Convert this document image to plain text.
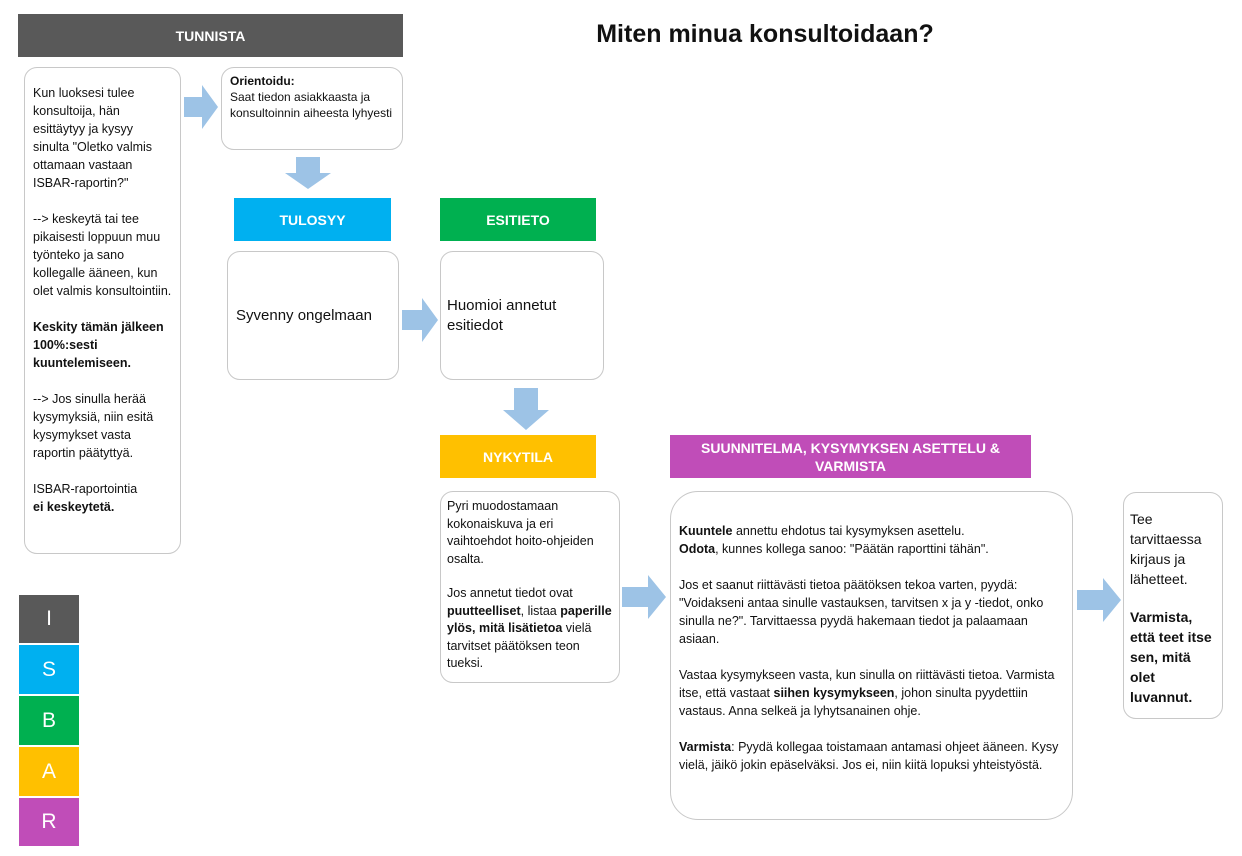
Miten minua konsultoidaan?
TUNNISTA

Kun luoksesi tulee konsultoija, hän esittäytyy ja kysyy sinulta "Oletko valmis ottamaan vastaan ISBAR-raportin?"

--> keskeytä tai tee pikaisesti loppuun muu työnteko ja sano kollegalle ääneen, kun olet valmis konsultointiin.

Keskity tämän jälkeen 100%:sesti kuuntelemiseen.

--> Jos sinulla herää kysymyksiä, niin esitä kysymykset vasta raportin päätyttyä.

ISBAR-raportointia
ei keskeytetä.

Orientoidu:
Saat tiedon asiakkaasta ja konsultoinnin aiheesta lyhyesti
TULOSYY	ESITIETO
Syvenny ongelmaan
Huomioi annetut esitiedot
NYKYTILA
SUUNNITELMA, KYSYMYKSEN ASETTELU & VARMISTA

Pyri muodostamaan kokonaiskuva ja eri vaihtoehdot hoito-ohjeiden osalta.

Jos annetut tiedot ovat puutteelliset, listaa paperille ylös, mitä lisätietoa vielä tarvitset päätöksen teon tueksi.

Kuuntele annettu ehdotus tai kysymyksen asettelu.
Odota, kunnes kollega sanoo: "Päätän raporttini tähän".

Jos et saanut riittävästi tietoa päätöksen tekoa varten, pyydä: "Voidakseni antaa sinulle vastauksen, tarvitsen x ja y -tiedot, onko sinulla ne?". Tarvittaessa pyydä hakemaan tiedot ja palaamaan asiaan.

Vastaa kysymykseen vasta, kun sinulla on riittävästi tietoa. Varmista itse, että vastaat siihen kysymykseen, johon sinulta pyydettiin vastaus. Anna selkeä ja lyhytsanainen ohje.

Varmista: Pyydä kollegaa toistamaan antamasi ohjeet ääneen. Kysy vielä, jäikö jokin epäselväksi. Jos ei, niin kiitä lopuksi yhteistyöstä.

Tee tarvittaessa kirjaus ja lähetteet.

Varmista, että teet itse sen, mitä olet luvannut.

I
S
B
A
R
